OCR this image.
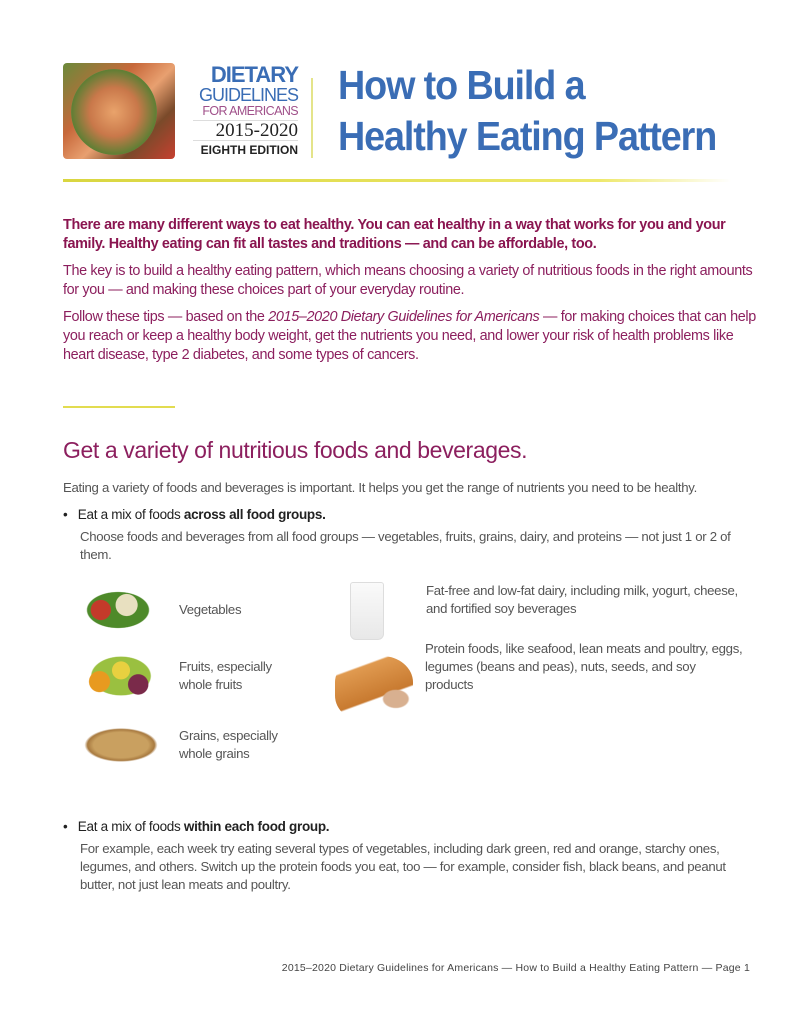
DIETARY
GUIDELINES
FOR AMERICANS
2015-2020
EIGHTH EDITION
How to Build a
Healthy Eating Pattern

There are many different ways to eat healthy. You can eat healthy in a way that works for you and your family. Healthy eating can fit all tastes and traditions — and can be affordable, too.

The key is to build a healthy eating pattern, which means choosing a variety of nutritious foods in the right amounts for you — and making these choices part of your everyday routine.

Follow these tips — based on the 2015–2020 Dietary Guidelines for Americans — for making choices that can help you reach or keep a healthy body weight, get the nutrients you need, and lower your risk of health problems like heart disease, type 2 diabetes, and some types of cancers.

Get a variety of nutritious foods and beverages.
Eating a variety of foods and beverages is important. It helps you get the range of nutrients you need to be healthy.
•   Eat a mix of foods across all food groups.
Choose foods and beverages from all food groups — vegetables, fruits, grains, dairy, and proteins — not just 1 or 2 of them.
Vegetables
Fruits, especially whole fruits
Grains, especially whole grains
Fat-free and low-fat dairy, including milk, yogurt, cheese, and fortified soy beverages
Protein foods, like seafood, lean meats and poultry, eggs, legumes (beans and peas), nuts, seeds, and soy products
•   Eat a mix of foods within each food group.
For example, each week try eating several types of vegetables, including dark green, red and orange, starchy ones, legumes, and others. Switch up the protein foods you eat, too — for example, consider fish, black beans, and peanut butter, not just lean meats and poultry.
2015–2020 Dietary Guidelines for Americans — How to Build a Healthy Eating Pattern — Page 1
